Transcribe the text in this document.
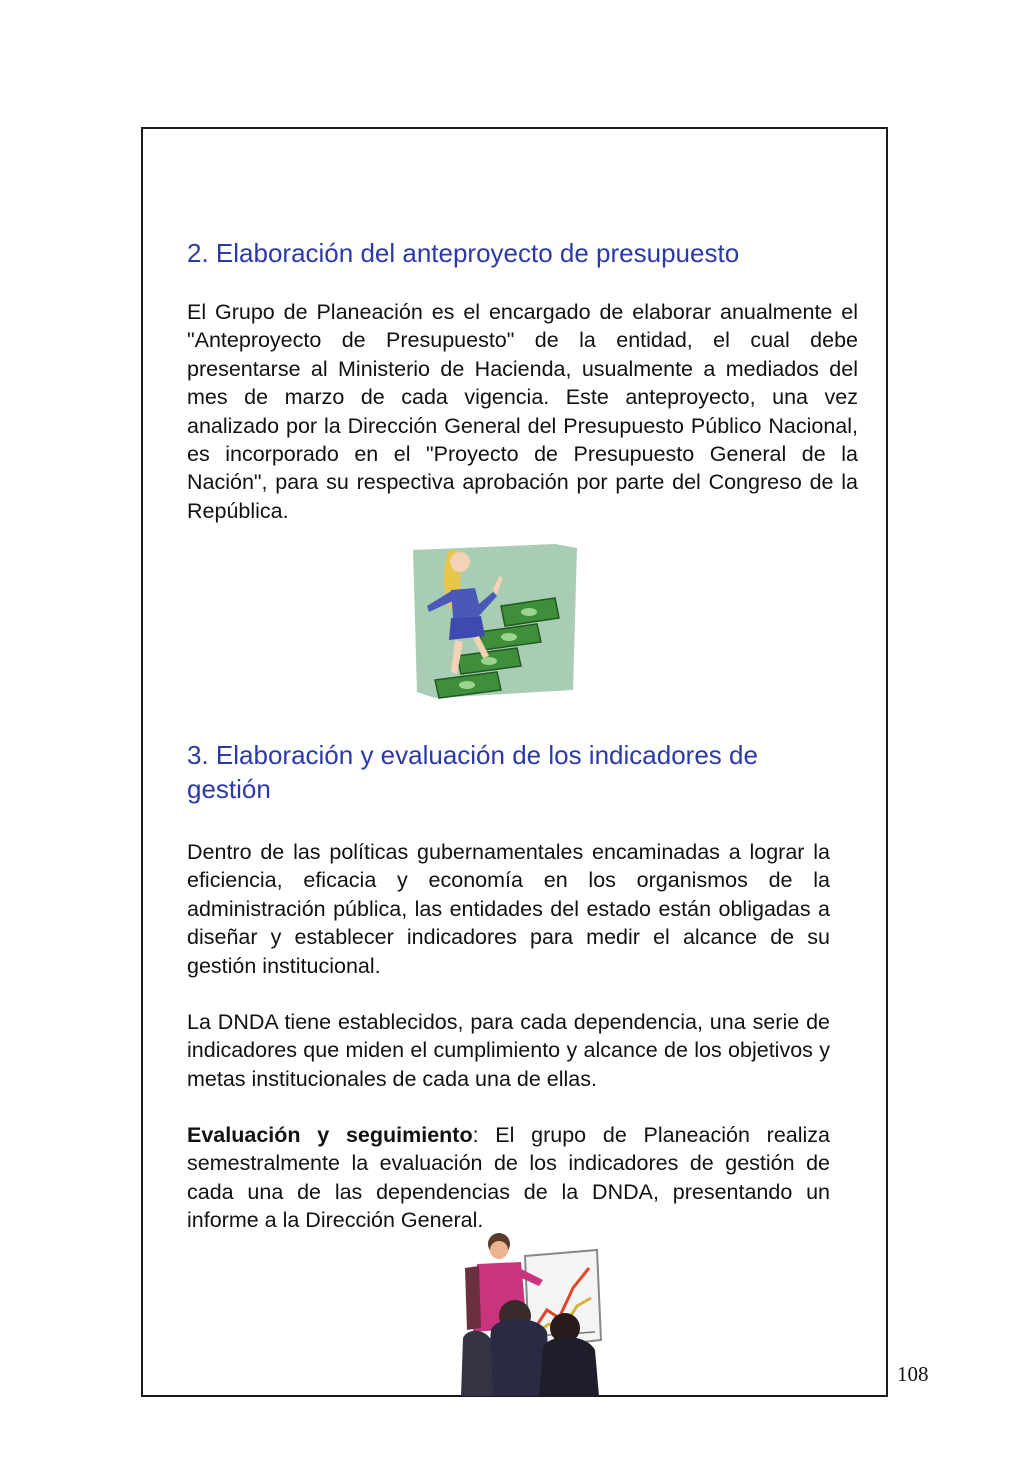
2. Elaboración del anteproyecto de presupuesto

El Grupo de Planeación es el encargado de elaborar anualmente el "Anteproyecto de Presupuesto" de la entidad, el cual debe presentarse al Ministerio de Hacienda, usualmente a mediados del mes de marzo de cada vigencia. Este anteproyecto, una vez analizado por la Dirección General del Presupuesto Público Nacional, es incorporado en el "Proyecto de Presupuesto General de la Nación", para su respectiva aprobación por parte del Congreso de la República.

3. Elaboración y evaluación de los indicadores de gestión

Dentro de las políticas gubernamentales encaminadas a lograr la eficiencia, eficacia y economía en los organismos de la administración pública, las entidades del estado están obligadas a diseñar y establecer indicadores para medir el alcance de su gestión institucional.

La DNDA tiene establecidos, para cada dependencia, una serie de indicadores que miden el cumplimiento y alcance de los objetivos y metas institucionales de cada una de ellas.

Evaluación y seguimiento: El grupo de Planeación realiza semestralmente la evaluación de los indicadores de gestión de cada una de las dependencias de la DNDA, presentando un informe a la Dirección General.

108
